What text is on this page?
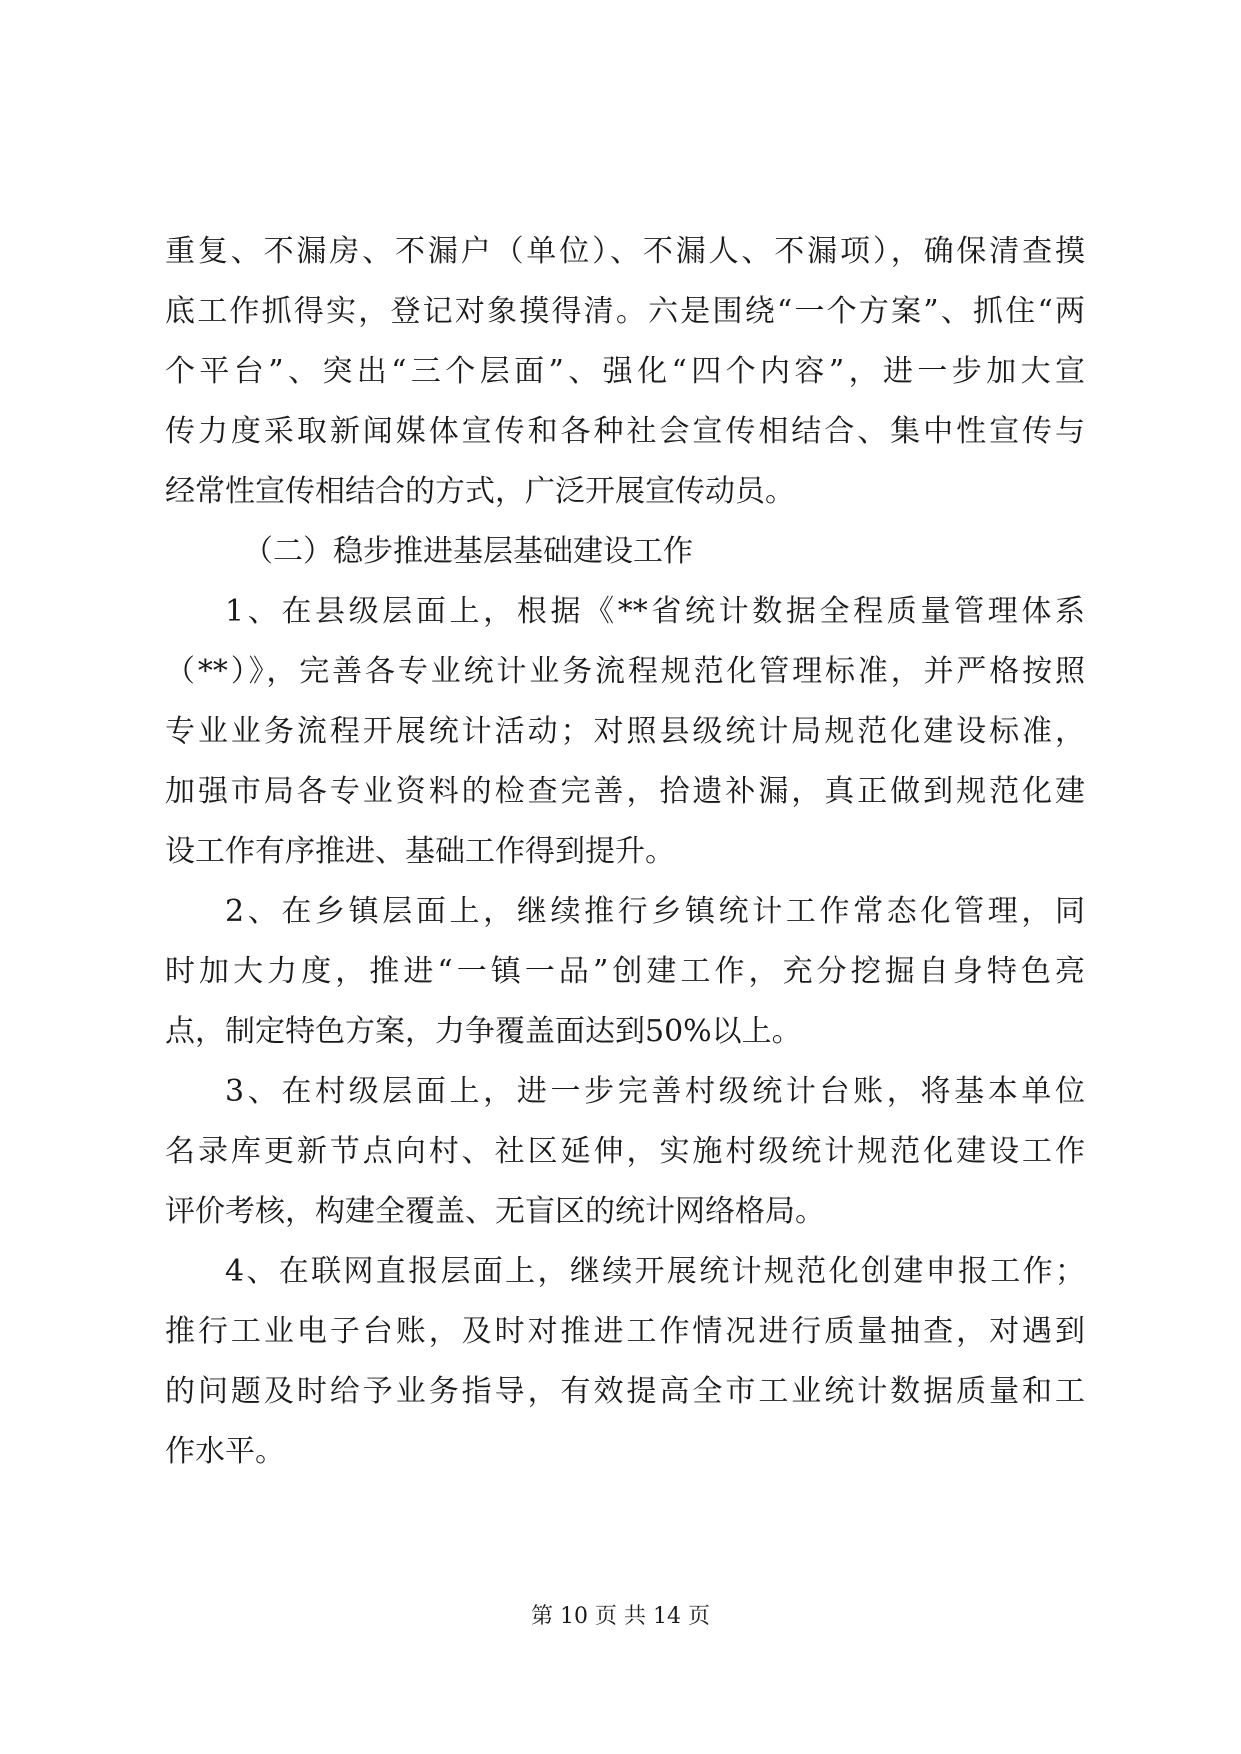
重复、不漏房、不漏户（单位）、不漏人、不漏项），确保清查摸
底工作抓得实，登记对象摸得清。六是围绕“一个方案”、抓住“两
个平台”、突出“三个层面”、强化“四个内容”，进一步加大宣
传力度采取新闻媒体宣传和各种社会宣传相结合、集中性宣传与
经常性宣传相结合的方式，广泛开展宣传动员。
（二）稳步推进基层基础建设工作
1、在县级层面上，根据《**省统计数据全程质量管理体系
（**）》，完善各专业统计业务流程规范化管理标准，并严格按照
专业业务流程开展统计活动；对照县级统计局规范化建设标准，
加强市局各专业资料的检查完善，拾遗补漏，真正做到规范化建
设工作有序推进、基础工作得到提升。
2、在乡镇层面上，继续推行乡镇统计工作常态化管理，同
时加大力度，推进“一镇一品”创建工作，充分挖掘自身特色亮
点，制定特色方案，力争覆盖面达到50%以上。
3、在村级层面上，进一步完善村级统计台账，将基本单位
名录库更新节点向村、社区延伸，实施村级统计规范化建设工作
评价考核，构建全覆盖、无盲区的统计网络格局。
4、在联网直报层面上，继续开展统计规范化创建申报工作；
推行工业电子台账，及时对推进工作情况进行质量抽查，对遇到
的问题及时给予业务指导，有效提高全市工业统计数据质量和工
作水平。
第 10 页 共 14 页
